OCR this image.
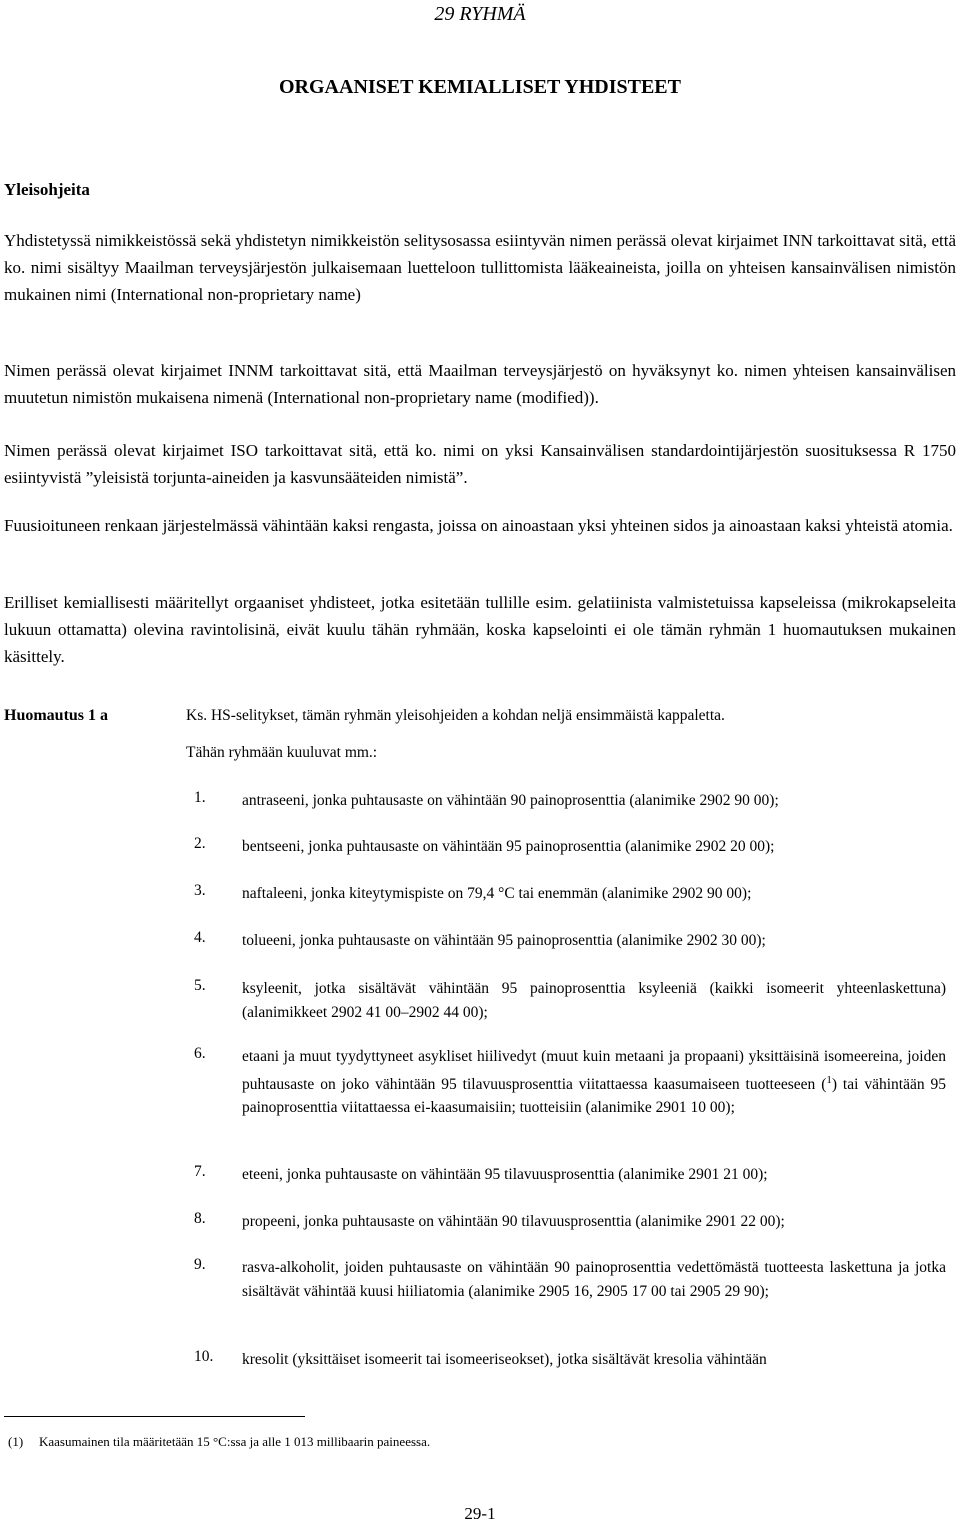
29 RYHMÄ
ORGAANISET KEMIALLISET YHDISTEET
Yleisohjeita
Yhdistetyssä nimikkeistössä sekä yhdistetyn nimikkeistön selitysosassa esiintyvän nimen perässä olevat kirjaimet INN tarkoittavat sitä, että ko. nimi sisältyy Maailman terveysjärjestön julkaisemaan luetteloon tullittomista lääkeaineista, joilla on yhteisen kansainvälisen nimistön mukainen nimi (International non-proprietary name)
Nimen perässä olevat kirjaimet INNM tarkoittavat sitä, että Maailman terveysjärjestö on hyväksynyt ko. nimen yhteisen kansainvälisen muutetun nimistön mukaisena nimenä (International non-proprietary name (modified)).
Nimen perässä olevat kirjaimet ISO tarkoittavat sitä, että ko. nimi on yksi Kansainvälisen standardointijärjestön suosituksessa R 1750 esiintyvistä ”yleisistä torjunta-aineiden ja kasvunsääteiden nimistä”.
Fuusioituneen renkaan järjestelmässä vähintään kaksi rengasta, joissa on ainoastaan yksi yhteinen sidos ja ainoastaan kaksi yhteistä atomia.
Erilliset kemiallisesti määritellyt orgaaniset yhdisteet, jotka esitetään tullille esim. gelatiinista valmistetuissa kapseleissa (mikrokapseleita lukuun ottamatta) olevina ravintolisinä, eivät kuulu tähän ryhmään, koska kapselointi ei ole tämän ryhmän 1 huomautuksen mukainen käsittely.
Huomautus 1 a	Ks. HS-selitykset, tämän ryhmän yleisohjeiden a kohdan neljä ensimmäistä kappaletta.
Tähän ryhmään kuuluvat mm.:
1.	antraseeni, jonka puhtausaste on vähintään 90 painoprosenttia (alanimike 2902 90 00);
2.	bentseeni, jonka puhtausaste on vähintään 95 painoprosenttia (alanimike 2902 20 00);
3.	naftaleeni, jonka kiteytymispiste on 79,4 °C tai enemmän (alanimike 2902 90 00);
4.	tolueeni, jonka puhtausaste on vähintään 95 painoprosenttia (alanimike 2902 30 00);
5.	ksyleenit, jotka sisältävät vähintään 95 painoprosenttia ksyleeniä (kaikki isomeerit yhteenlaskettuna) (alanimikkeet 2902 41 00–2902 44 00);
6.	etaani ja muut tyydyttyneet asykliset hiilivedyt (muut kuin metaani ja propaani) yksittäisinä isomeereina, joiden puhtausaste on joko vähintään 95 tilavuusprosenttia viitattaessa kaasumaiseen tuotteeseen ($^1$) tai vähintään 95 painoprosenttia viitattaessa ei-kaasumaisiin; tuotteisiin (alanimike 2901 10 00);
7.	eteeni, jonka puhtausaste on vähintään 95 tilavuusprosenttia (alanimike 2901 21 00);
8.	propeeni, jonka puhtausaste on vähintään 90 tilavuusprosenttia (alanimike 2901 22 00);
9.	rasva-alkoholit, joiden puhtausaste on vähintään 90 painoprosenttia vedettömästä tuotteesta laskettuna ja jotka sisältävät vähintää kuusi hiiliatomia (alanimike 2905 16, 2905 17 00 tai 2905 29 90);
10.	kresolit (yksittäiset isomeerit tai isomeeriseokset), jotka sisältävät kresolia vähintään
(1) Kaasumainen tila määritetään 15 °C:ssa ja alle 1 013 millibaarin paineessa.
29-1
